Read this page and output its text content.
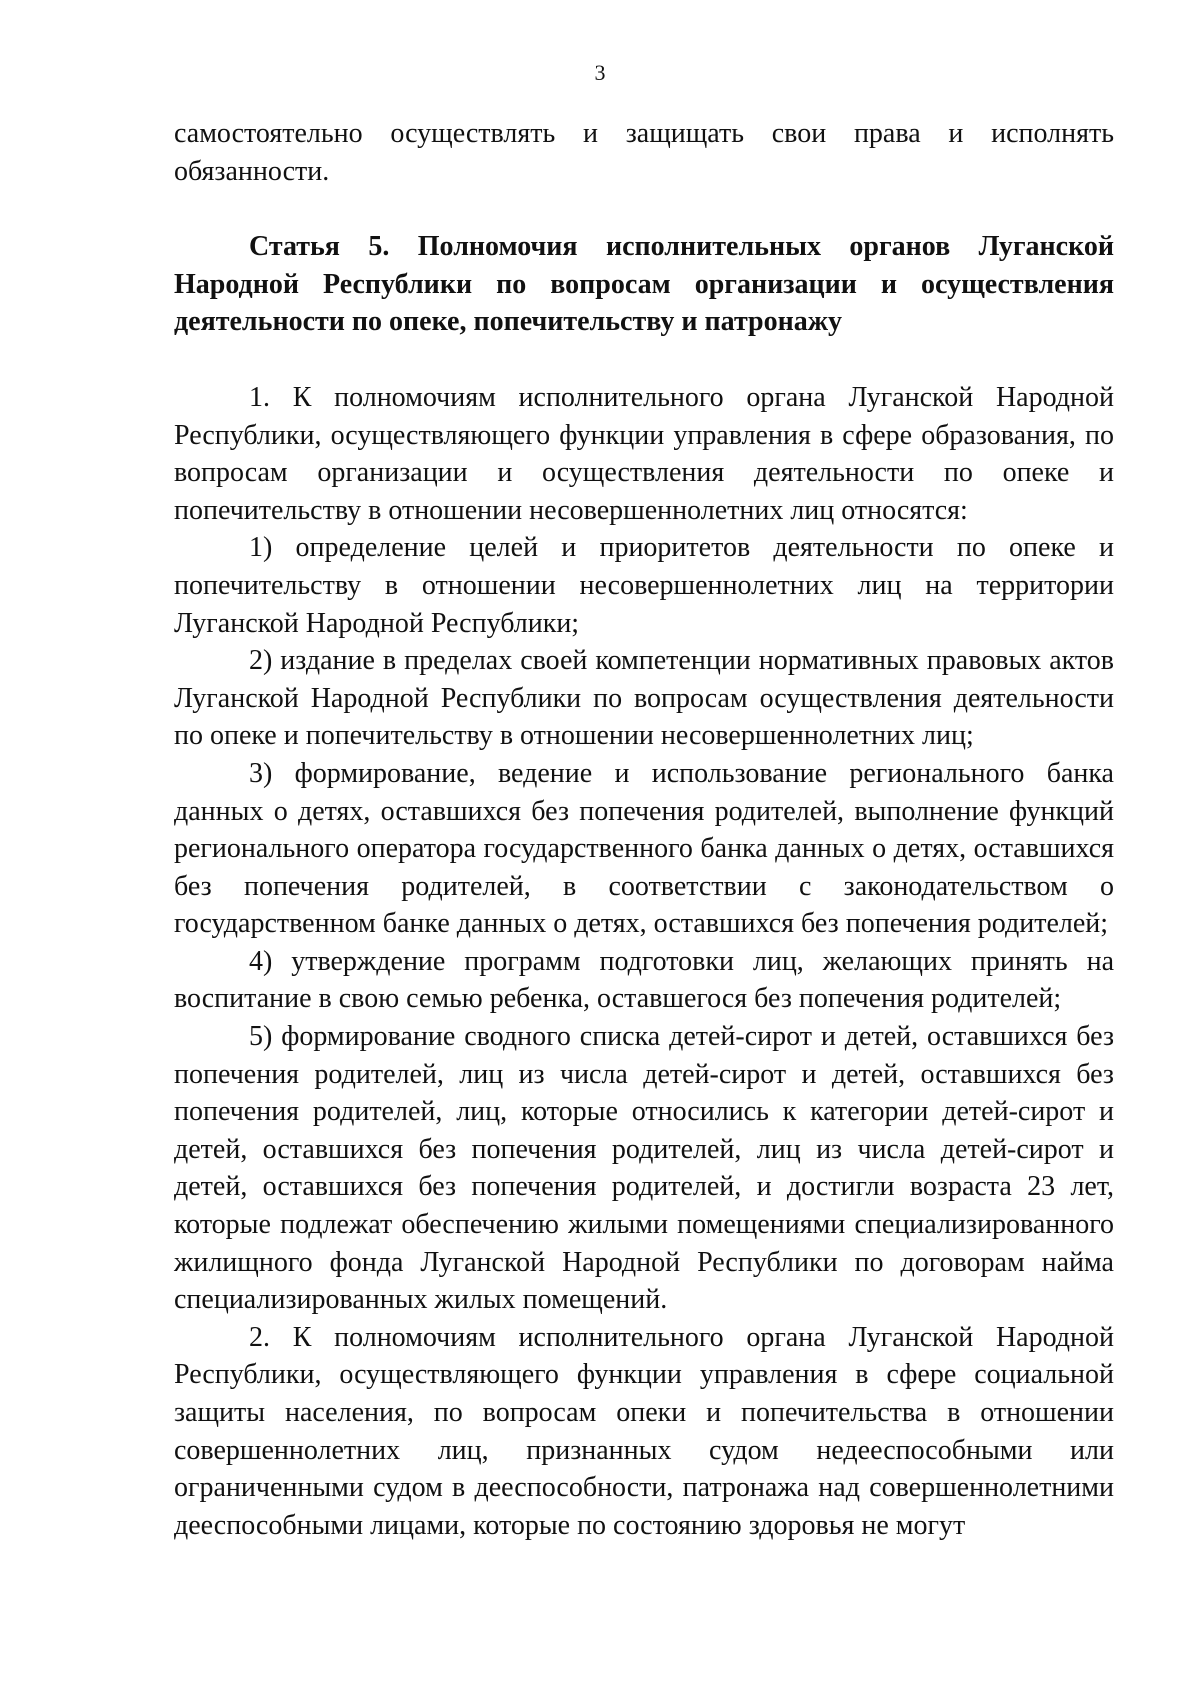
3

самостоятельно осуществлять и защищать свои права и исполнять обязанности.

Статья 5. Полномочия исполнительных органов Луганской Народной Республики по вопросам организации и осуществления деятельности по опеке, попечительству и патронажу

1. К полномочиям исполнительного органа Луганской Народной Республики, осуществляющего функции управления в сфере образования, по вопросам организации и осуществления деятельности по опеке и попечительству в отношении несовершеннолетних лиц относятся:

1) определение целей и приоритетов деятельности по опеке и попечительству в отношении несовершеннолетних лиц на территории Луганской Народной Республики;

2) издание в пределах своей компетенции нормативных правовых актов Луганской Народной Республики по вопросам осуществления деятельности по опеке и попечительству в отношении несовершеннолетних лиц;

3) формирование, ведение и использование регионального банка данных о детях, оставшихся без попечения родителей, выполнение функций регионального оператора государственного банка данных о детях, оставшихся без попечения родителей, в соответствии с законодательством о государственном банке данных о детях, оставшихся без попечения родителей;

4) утверждение программ подготовки лиц, желающих принять на воспитание в свою семью ребенка, оставшегося без попечения родителей;

5) формирование сводного списка детей-сирот и детей, оставшихся без попечения родителей, лиц из числа детей-сирот и детей, оставшихся без попечения родителей, лиц, которые относились к категории детей-сирот и детей, оставшихся без попечения родителей, лиц из числа детей-сирот и детей, оставшихся без попечения родителей, и достигли возраста 23 лет, которые подлежат обеспечению жилыми помещениями специализированного жилищного фонда Луганской Народной Республики по договорам найма специализированных жилых помещений.

2. К полномочиям исполнительного органа Луганской Народной Республики, осуществляющего функции управления в сфере социальной защиты населения, по вопросам опеки и попечительства в отношении совершеннолетних лиц, признанных судом недееспособными или ограниченными судом в дееспособности, патронажа над совершеннолетними дееспособными лицами, которые по состоянию здоровья не могут
